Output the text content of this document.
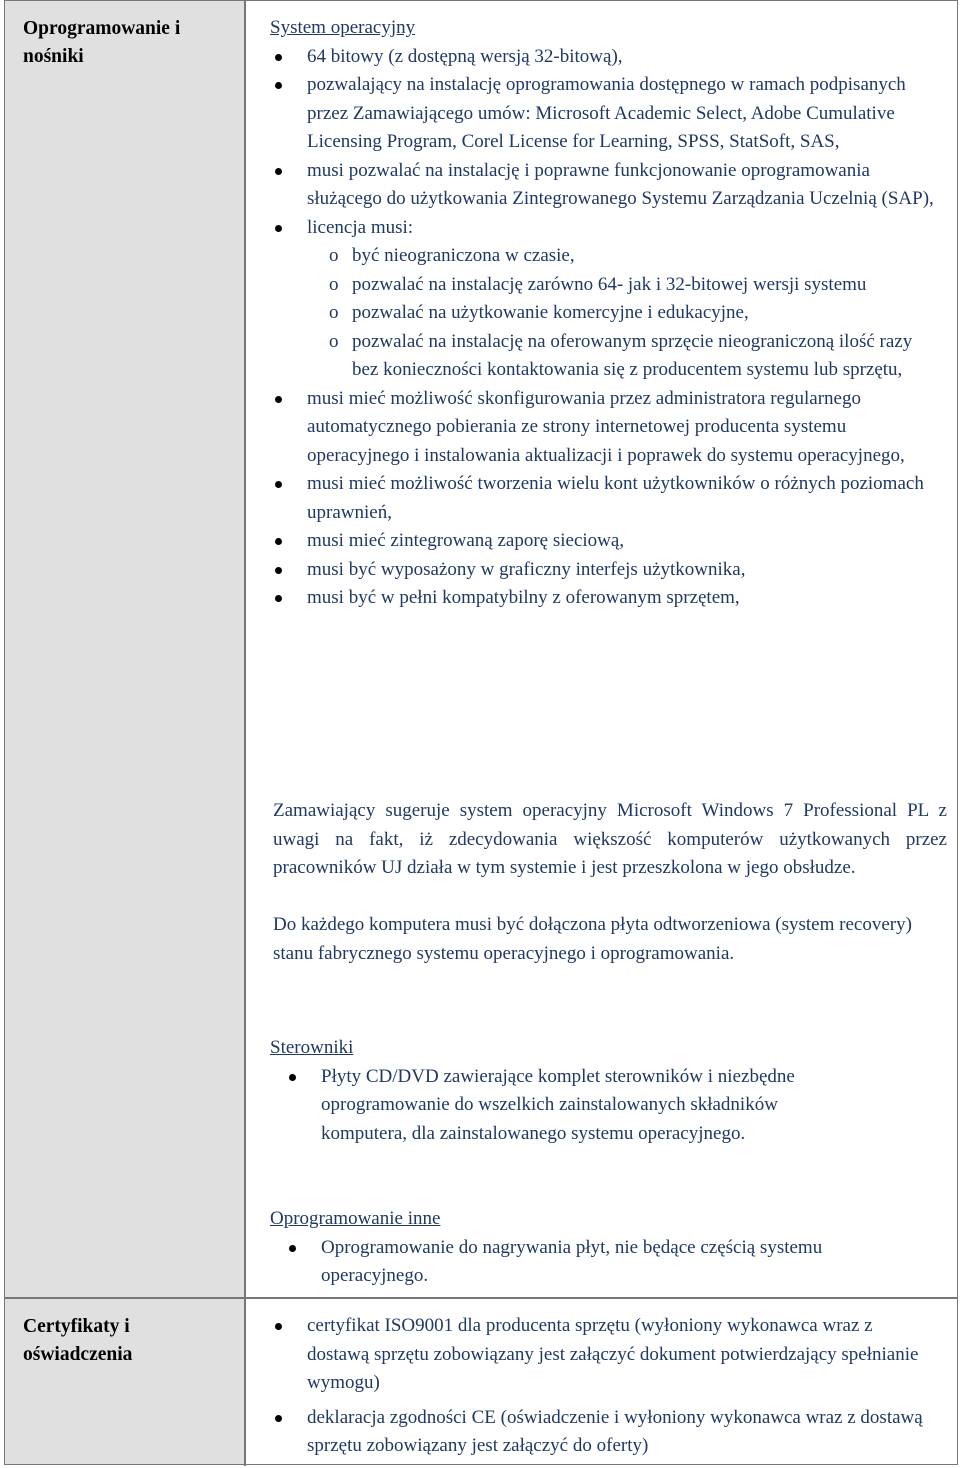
Oprogramowanie i nośniki
Certyfikaty i oświadczenia
System operacyjny
64 bitowy (z dostępną wersją 32-bitową),
pozwalający na instalację oprogramowania dostępnego w ramach podpisanych przez Zamawiającego umów: Microsoft Academic Select, Adobe Cumulative Licensing Program, Corel License for Learning, SPSS, StatSoft, SAS,
musi pozwalać na instalację i poprawne funkcjonowanie oprogramowania służącego do użytkowania Zintegrowanego Systemu Zarządzania Uczelnią (SAP),
licencja musi:
o być nieograniczona w czasie,
o pozwalać na instalację zarówno 64- jak i 32-bitowej wersji systemu
o pozwalać na użytkowanie komercyjne i edukacyjne,
o pozwalać na instalację na oferowanym sprzęcie nieograniczoną ilość razy bez konieczności kontaktowania się z producentem systemu lub sprzętu,
musi mieć możliwość skonfigurowania przez administratora regularnego automatycznego pobierania ze strony internetowej producenta systemu operacyjnego i instalowania aktualizacji i poprawek do systemu operacyjnego,
musi mieć możliwość tworzenia wielu kont użytkowników o różnych poziomach uprawnień,
musi mieć zintegrowaną zaporę sieciową,
musi być wyposażony w graficzny interfejs użytkownika,
musi być w pełni kompatybilny z oferowanym sprzętem,
Zamawiający sugeruje system operacyjny Microsoft Windows 7 Professional PL z uwagi na fakt, iż zdecydowania większość komputerów użytkowanych przez pracowników UJ działa w tym systemie i jest przeszkolona w jego obsłudze.
Do każdego komputera musi być dołączona płyta odtworzeniowa (system recovery) stanu fabrycznego systemu operacyjnego i oprogramowania.
Sterowniki
Płyty CD/DVD zawierające komplet sterowników i niezbędne oprogramowanie do wszelkich zainstalowanych składników komputera, dla zainstalowanego systemu operacyjnego.
Oprogramowanie inne
Oprogramowanie do nagrywania płyt, nie będące częścią systemu operacyjnego.
certyfikat ISO9001 dla producenta sprzętu (wyłoniony wykonawca wraz z dostawą sprzętu zobowiązany jest załączyć dokument potwierdzający spełnianie wymogu)
deklaracja zgodności CE (oświadczenie i wyłoniony wykonawca wraz z dostawą sprzętu zobowiązany jest załączyć do oferty)
